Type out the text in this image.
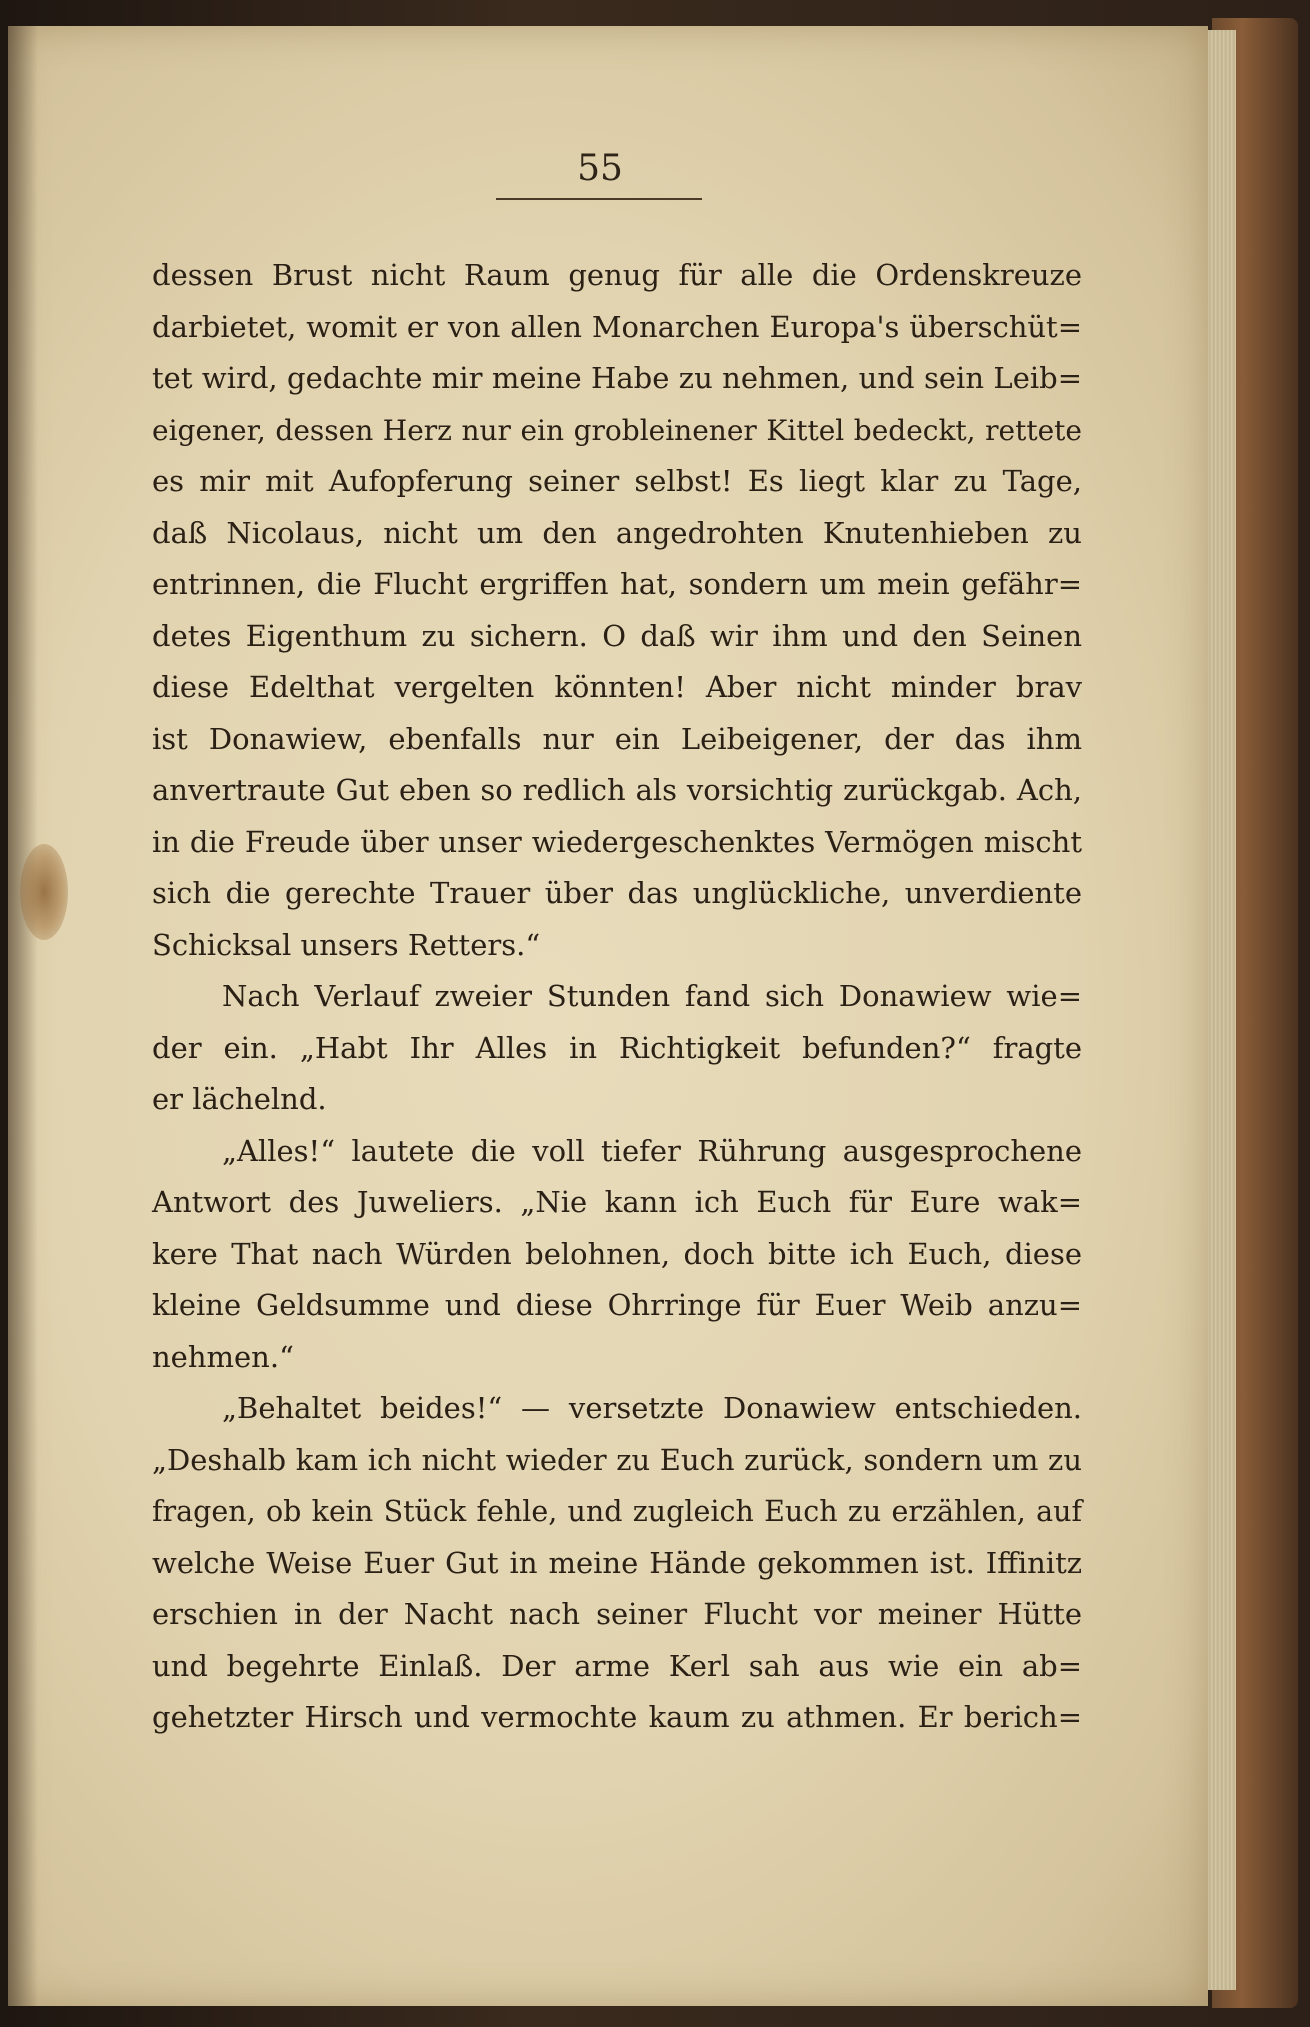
55
dessen Brust nicht Raum genug für alle die Ordenskreuze
darbietet, womit er von allen Monarchen Europa's überschüt=
tet wird, gedachte mir meine Habe zu nehmen, und sein Leib=
eigener, dessen Herz nur ein grobleinener Kittel bedeckt, rettete
es mir mit Aufopferung seiner selbst! Es liegt klar zu Tage,
daß Nicolaus, nicht um den angedrohten Knutenhieben zu
entrinnen, die Flucht ergriffen hat, sondern um mein gefähr=
detes Eigenthum zu sichern. O daß wir ihm und den Seinen
diese Edelthat vergelten könnten! Aber nicht minder brav
ist Donawiew, ebenfalls nur ein Leibeigener, der das ihm
anvertraute Gut eben so redlich als vorsichtig zurückgab. Ach,
in die Freude über unser wiedergeschenktes Vermögen mischt
sich die gerechte Trauer über das unglückliche, unverdiente
Schicksal unsers Retters.“
Nach Verlauf zweier Stunden fand sich Donawiew wie=
der ein. „Habt Ihr Alles in Richtigkeit befunden?“ fragte
er lächelnd.
„Alles!“ lautete die voll tiefer Rührung ausgesprochene
Antwort des Juweliers. „Nie kann ich Euch für Eure wak=
kere That nach Würden belohnen, doch bitte ich Euch, diese
kleine Geldsumme und diese Ohrringe für Euer Weib anzu=
nehmen.“
„Behaltet beides!“ — versetzte Donawiew entschieden.
„Deshalb kam ich nicht wieder zu Euch zurück, sondern um zu
fragen, ob kein Stück fehle, und zugleich Euch zu erzählen, auf
welche Weise Euer Gut in meine Hände gekommen ist. Iffinitz
erschien in der Nacht nach seiner Flucht vor meiner Hütte
und begehrte Einlaß. Der arme Kerl sah aus wie ein ab=
gehetzter Hirsch und vermochte kaum zu athmen. Er berich=
